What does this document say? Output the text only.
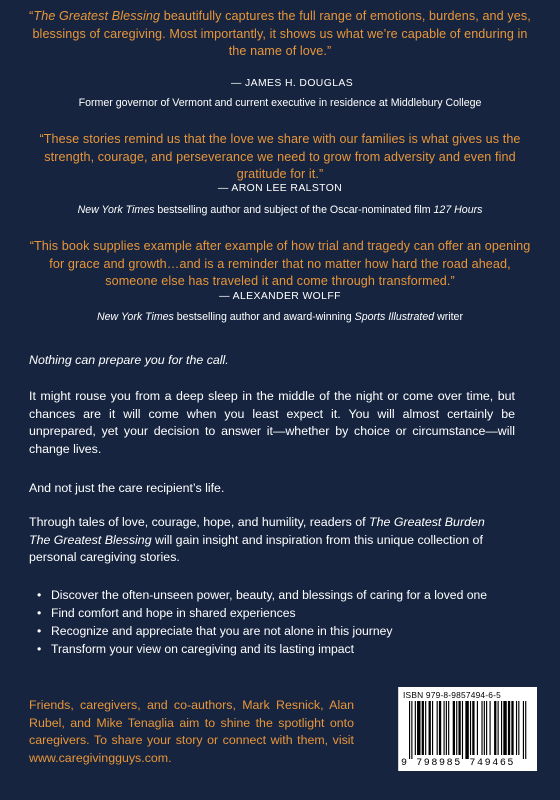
“The Greatest Blessing beautifully captures the full range of emotions, burdens, and yes, blessings of caregiving. Most importantly, it shows us what we’re capable of enduring in the name of love.”
— JAMES H. DOUGLAS
Former governor of Vermont and current executive in residence at Middlebury College
“These stories remind us that the love we share with our families is what gives us the strength, courage, and perseverance we need to grow from adversity and even find gratitude for it.”
— ARON LEE RALSTON
New York Times bestselling author and subject of the Oscar-nominated film 127 Hours
“This book supplies example after example of how trial and tragedy can offer an opening for grace and growth…and is a reminder that no matter how hard the road ahead, someone else has traveled it and come through transformed.”
— ALEXANDER WOLFF
New York Times bestselling author and award-winning Sports Illustrated writer
Nothing can prepare you for the call.
It might rouse you from a deep sleep in the middle of the night or come over time, but chances are it will come when you least expect it. You will almost certainly be unprepared, yet your decision to answer it—whether by choice or circumstance—will change lives.
And not just the care recipient’s life.
Through tales of love, courage, hope, and humility, readers of The Greatest Burden
The Greatest Blessing will gain insight and inspiration from this unique collection of personal caregiving stories.
• Discover the often-unseen power, beauty, and blessings of caring for a loved one
• Find comfort and hope in shared experiences
• Recognize and appreciate that you are not alone in this journey
• Transform your view on caregiving and its lasting impact
Friends, caregivers, and co-authors, Mark Resnick, Alan Rubel, and Mike Tenaglia aim to shine the spotlight onto caregivers. To share your story or connect with them, visit www.caregivingguys.com.
ISBN 979-8-9857494-6-5
9 798985 749465
